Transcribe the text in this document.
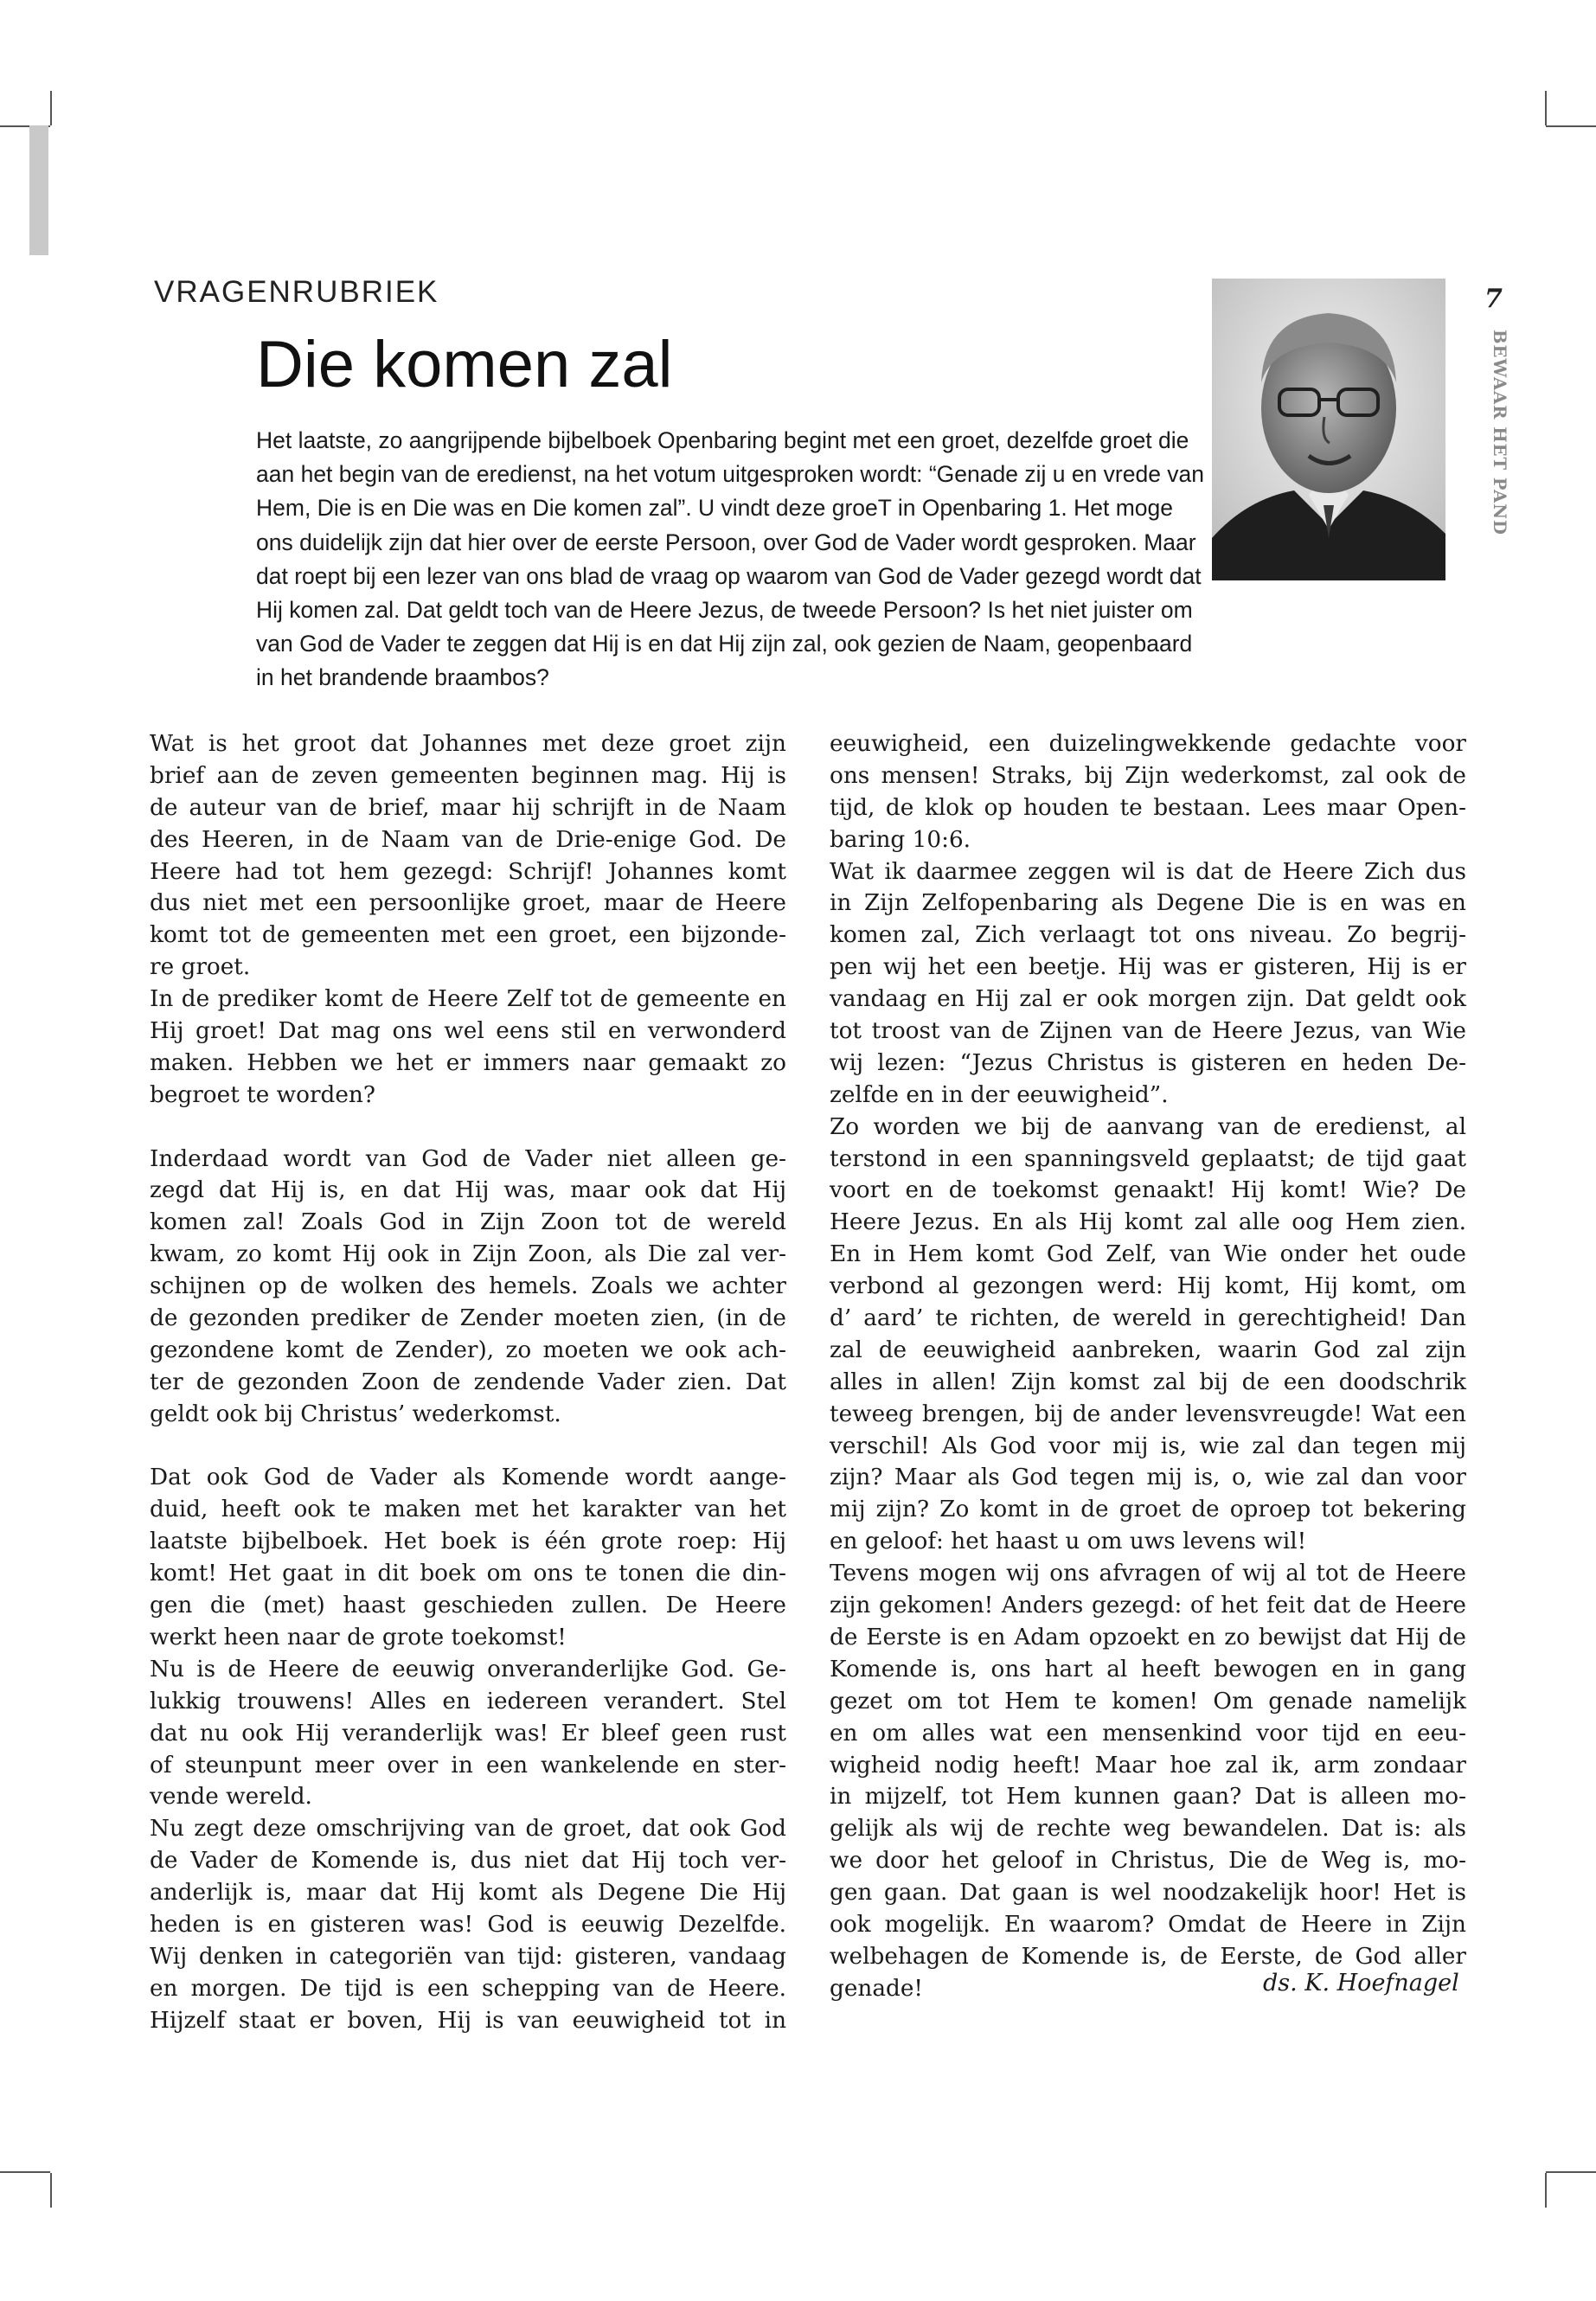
VRAGENRUBRIEK
Die komen zal
Het laatste, zo aangrijpende bijbelboek Openbaring begint met een groet, dezelfde groet die
aan het begin van de eredienst, na het votum uitgesproken wordt: “Genade zij u en vrede van
Hem, Die is en Die was en Die komen zal”. U vindt deze groeT in Openbaring 1. Het moge
ons duidelijk zijn dat hier over de eerste Persoon, over God de Vader wordt gesproken. Maar
dat roept bij een lezer van ons blad de vraag op waarom van God de Vader gezegd wordt dat
Hij komen zal. Dat geldt toch van de Heere Jezus, de tweede Persoon? Is het niet juister om
van God de Vader te zeggen dat Hij is en dat Hij zijn zal, ook gezien de Naam, geopenbaard
in het brandende braambos?
7
BEWAAR HET PAND
Wat is het groot dat Johannes met deze groet zijn
brief aan de zeven gemeenten beginnen mag. Hij is
de auteur van de brief, maar hij schrijft in de Naam
des Heeren, in de Naam van de Drie-enige God. De
Heere had tot hem gezegd: Schrijf! Johannes komt
dus niet met een persoonlijke groet, maar de Heere
komt tot de gemeenten met een groet, een bijzonde-
re groet.
In de prediker komt de Heere Zelf tot de gemeente en
Hij groet! Dat mag ons wel eens stil en verwonderd
maken. Hebben we het er immers naar gemaakt zo
begroet te worden?
Inderdaad wordt van God de Vader niet alleen ge-
zegd dat Hij is, en dat Hij was, maar ook dat Hij
komen zal! Zoals God in Zijn Zoon tot de wereld
kwam, zo komt Hij ook in Zijn Zoon, als Die zal ver-
schijnen op de wolken des hemels. Zoals we achter
de gezonden prediker de Zender moeten zien, (in de
gezondene komt de Zender), zo moeten we ook ach-
ter de gezonden Zoon de zendende Vader zien. Dat
geldt ook bij Christus’ wederkomst.
Dat ook God de Vader als Komende wordt aange-
duid, heeft ook te maken met het karakter van het
laatste bijbelboek. Het boek is één grote roep: Hij
komt! Het gaat in dit boek om ons te tonen die din-
gen die (met) haast geschieden zullen. De Heere
werkt heen naar de grote toekomst!
Nu is de Heere de eeuwig onveranderlijke God. Ge-
lukkig trouwens! Alles en iedereen verandert. Stel
dat nu ook Hij veranderlijk was! Er bleef geen rust
of steunpunt meer over in een wankelende en ster-
vende wereld.
Nu zegt deze omschrijving van de groet, dat ook God
de Vader de Komende is, dus niet dat Hij toch ver-
anderlijk is, maar dat Hij komt als Degene Die Hij
heden is en gisteren was! God is eeuwig Dezelfde.
Wij denken in categoriën van tijd: gisteren, vandaag
en morgen. De tijd is een schepping van de Heere.
Hijzelf staat er boven, Hij is van eeuwigheid tot in
eeuwigheid, een duizelingwekkende gedachte voor
ons mensen! Straks, bij Zijn wederkomst, zal ook de
tijd, de klok op houden te bestaan. Lees maar Open-
baring 10:6.
Wat ik daarmee zeggen wil is dat de Heere Zich dus
in Zijn Zelfopenbaring als Degene Die is en was en
komen zal, Zich verlaagt tot ons niveau. Zo begrij-
pen wij het een beetje. Hij was er gisteren, Hij is er
vandaag en Hij zal er ook morgen zijn. Dat geldt ook
tot troost van de Zijnen van de Heere Jezus, van Wie
wij lezen: “Jezus Christus is gisteren en heden De-
zelfde en in der eeuwigheid”.
Zo worden we bij de aanvang van de eredienst, al
terstond in een spanningsveld geplaatst; de tijd gaat
voort en de toekomst genaakt! Hij komt! Wie? De
Heere Jezus. En als Hij komt zal alle oog Hem zien.
En in Hem komt God Zelf, van Wie onder het oude
verbond al gezongen werd: Hij komt, Hij komt, om
d’ aard’ te richten, de wereld in gerechtigheid! Dan
zal de eeuwigheid aanbreken, waarin God zal zijn
alles in allen! Zijn komst zal bij de een doodschrik
teweeg brengen, bij de ander levensvreugde! Wat een
verschil! Als God voor mij is, wie zal dan tegen mij
zijn? Maar als God tegen mij is, o, wie zal dan voor
mij zijn? Zo komt in de groet de oproep tot bekering
en geloof: het haast u om uws levens wil!
Tevens mogen wij ons afvragen of wij al tot de Heere
zijn gekomen! Anders gezegd: of het feit dat de Heere
de Eerste is en Adam opzoekt en zo bewijst dat Hij de
Komende is, ons hart al heeft bewogen en in gang
gezet om tot Hem te komen! Om genade namelijk
en om alles wat een mensenkind voor tijd en eeu-
wigheid nodig heeft! Maar hoe zal ik, arm zondaar
in mijzelf, tot Hem kunnen gaan? Dat is alleen mo-
gelijk als wij de rechte weg bewandelen. Dat is: als
we door het geloof in Christus, Die de Weg is, mo-
gen gaan. Dat gaan is wel noodzakelijk hoor! Het is
ook mogelijk. En waarom? Omdat de Heere in Zijn
welbehagen de Komende is, de Eerste, de God aller
genade!	ds. K. Hoefnagel
